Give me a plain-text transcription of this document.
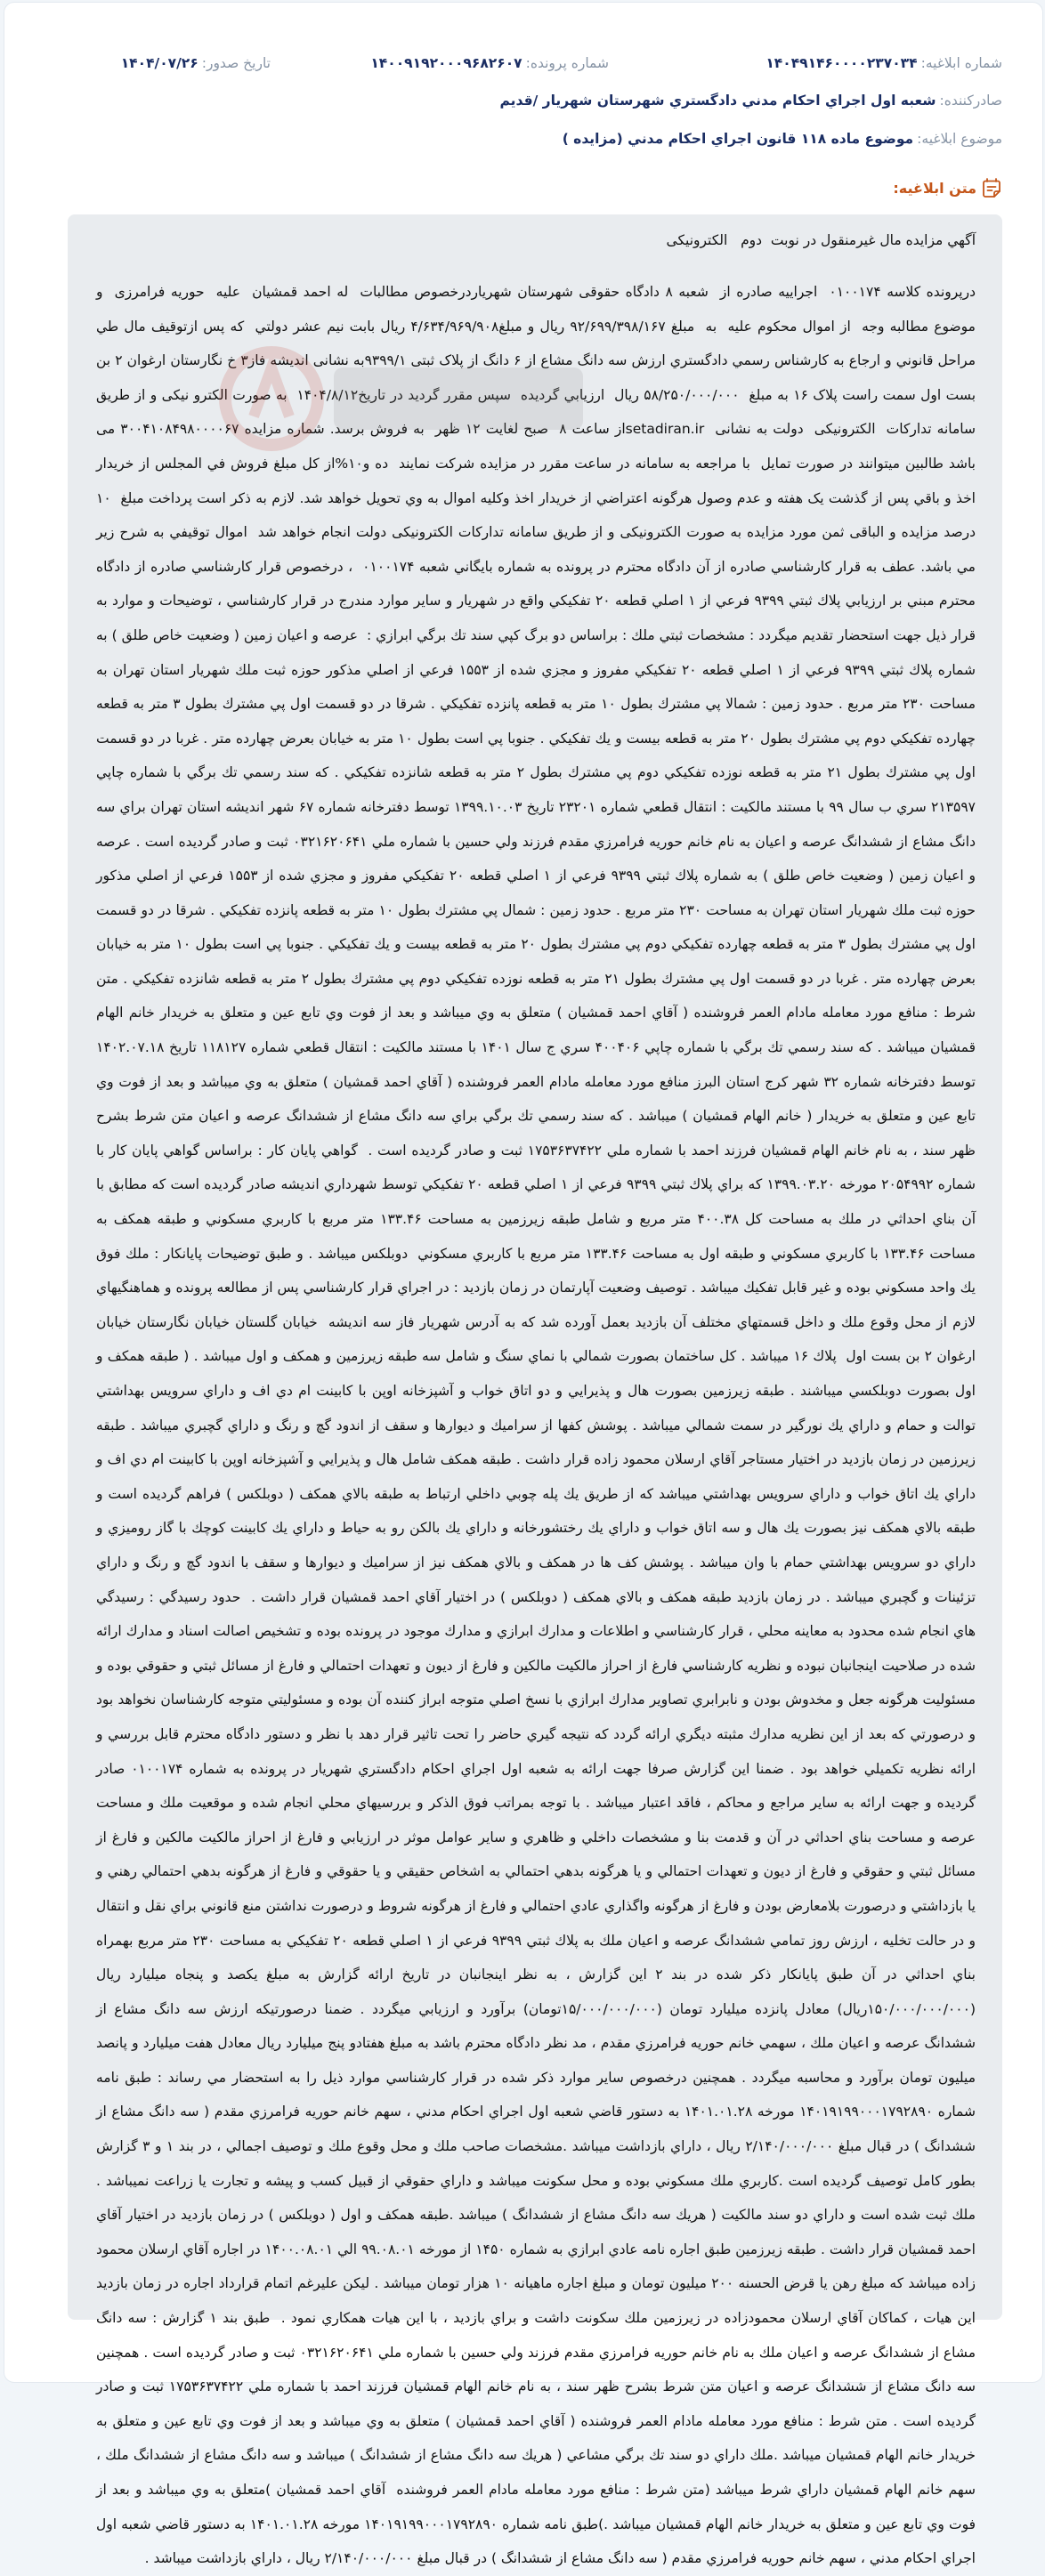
شماره ابلاغیه:
۱۴۰۴۹۱۴۶۰۰۰۰۲۳۷۰۳۴
شماره پرونده:
۱۴۰۰۹۱۹۲۰۰۰۹۶۸۲۶۰۷
تاریخ صدور:
۱۴۰۴/۰۷/۲۶
صادرکننده:
شعبه اول اجراي احكام مدني دادگستري شهرستان شهريار /قديم
موضوع ابلاغیه:
موضوع ماده ۱۱۸ قانون اجراي احكام مدني (مزايده )
متن ابلاغیه:

آگهي مزايده مال غيرمنقول در نوبت  دوم   الکترونیکی

درپرونده کلاسه ۰۱۰۰۱۷۴  اجراییه صادره از  شعبه ۸ دادگاه حقوقی شهرستان شهریاردرخصوص مطالبات  له احمد قمشیان  علیه  حوریه فرامرزی  و موضوع مطالبه وجه  از اموال محكوم علیه  به  مبلغ ۹۲/۶۹۹/۳۹۸/۱۶۷ ريال و مبلغ۴/۶۳۴/۹۶۹/۹۰۸ ريال بابت نيم عشر دولتي  كه پس ازتوقيف مال طي مراحل قانوني و ارجاع به كارشناس رسمي دادگستري ارزش سه دانگ مشاع از ۶ دانگ از پلاک ثبتی ۹۳۹۹/۱به نشانی اندیشه فاز۳ خ نگارستان ارغوان ۲ بن بست اول سمت راست پلاک ۱۶ به مبلغ  ۵۸/۲۵۰/۰۰۰/۰۰۰ ريال  ارزيابي گرديده  سپس مقرر گرديد در تاريخ۱۴۰۴/۸/۱۲  به صورت الکترو نیکی و از طریق سامانه تدارکات  الکترونیکی  دولت به نشانی  setadiran.irاز ساعت ۸  صبح لغايت ۱۲ ظهر  به فروش برسد. شماره مزایده ۳۰۰۴۱۰۸۴۹۸۰۰۰۰۶۷ می باشد طالبين ميتوانند در صورت تمايل  با مراجعه به سامانه در ساعت مقرر در مزايده شركت نمايند  ده و۱۰%از كل مبلغ فروش في المجلس از خريدار اخذ و باقي پس از گذشت يک هفته و عدم وصول هرگونه اعتراضي از خريدار اخذ وكليه اموال به وي تحويل خواهد شد. لازم به ذکر است پرداخت مبلغ  ۱۰ درصد مزایده و الباقی ثمن مورد مزایده به صورت الکترونیکی و از طریق سامانه تدارکات الکترونیکی دولت انجام خواهد شد  اموال توقيفي به شرح زير مي باشد. عطف به قرار كارشناسي صادره از آن دادگاه محترم در پرونده به شماره بايگاني شعبه ۰۱۰۰۱۷۴  ، درخصوص قرار كارشناسي صادره از دادگاه محترم مبني بر ارزيابي پلاك ثبتي ۹۳۹۹ فرعي از ۱ اصلي قطعه ۲۰ تفكيكي واقع در شهريار و ساير موارد مندرج در قرار كارشناسي ، توضيحات و موارد به قرار ذيل جهت استحضار تقديم ميگردد : مشخصات ثبتي ملك : براساس دو برگ كپي سند تك برگي ابرازي :  عرصه و اعيان زمين ( وضعيت خاص طلق ) به شماره پلاك ثبتي ۹۳۹۹ فرعي از ۱ اصلي قطعه ۲۰ تفكيكي مفروز و مجزي شده از ۱۵۵۳ فرعي از اصلي مذكور حوزه ثبت ملك شهريار استان تهران به مساحت ۲۳۰ متر مربع . حدود زمين : شمالا پي مشترك بطول ۱۰ متر به قطعه پانزده تفكيكي . شرقا در دو قسمت اول پي مشترك بطول ۳ متر به قطعه چهارده تفكيكي دوم پي مشترك بطول ۲۰ متر به قطعه بيست و يك تفكيكي . جنوبا پي است بطول ۱۰ متر به خيابان بعرض چهارده متر . غربا در دو قسمت اول پي مشترك بطول ۲۱ متر به قطعه نوزده تفكيكي دوم پي مشترك بطول ۲ متر به قطعه شانزده تفكيكي . كه سند رسمي تك برگي با شماره چاپي ۲۱۳۵۹۷ سري ب سال ۹۹ با مستند مالكيت : انتقال قطعي شماره ۲۳۲۰۱ تاريخ ۱۳۹۹.۱۰.۰۳ توسط دفترخانه شماره ۶۷ شهر انديشه استان تهران براي سه دانگ مشاع از ششدانگ عرصه و اعيان به نام خانم حوريه فرامرزي مقدم فرزند ولي حسين با شماره ملي ۰۳۲۱۶۲۰۶۴۱ ثبت و صادر گرديده است . عرصه و اعيان زمين ( وضعيت خاص طلق ) به شماره پلاك ثبتي ۹۳۹۹ فرعي از ۱ اصلي قطعه ۲۰ تفكيكي مفروز و مجزي شده از ۱۵۵۳ فرعي از اصلي مذكور حوزه ثبت ملك شهريار استان تهران به مساحت ۲۳۰ متر مربع . حدود زمين : شمال پي مشترك بطول ۱۰ متر به قطعه پانزده تفكيكي . شرقا در دو قسمت اول پي مشترك بطول ۳ متر به قطعه چهارده تفكيكي دوم پي مشترك بطول ۲۰ متر به قطعه بيست و يك تفكيكي . جنوبا پي است بطول ۱۰ متر به خيابان بعرض چهارده متر . غربا در دو قسمت اول پي مشترك بطول ۲۱ متر به قطعه نوزده تفكيكي دوم پي مشترك بطول ۲ متر به قطعه شانزده تفكيكي . متن شرط : منافع مورد معامله مادام العمر فروشنده ( آقاي احمد قمشيان ) متعلق به وي ميباشد و بعد از فوت وي تابع عين و متعلق به خريدار خانم الهام قمشيان ميباشد . كه سند رسمي تك برگي با شماره چاپي ۴۰۰۴۰۶ سري ج سال ۱۴۰۱ با مستند مالكيت : انتقال قطعي شماره ۱۱۸۱۲۷ تاريخ ۱۴۰۲.۰۷.۱۸ توسط دفترخانه شماره ۳۲ شهر كرج استان البرز منافع مورد معامله مادام العمر فروشنده ( آقاي احمد قمشيان ) متعلق به وي ميباشد و بعد از فوت وي تابع عين و متعلق به خريدار ( خانم الهام قمشيان ) ميباشد . كه سند رسمي تك برگي براي سه دانگ مشاع از ششدانگ عرصه و اعيان متن شرط بشرح ظهر سند ، به نام خانم الهام قمشيان فرزند احمد با شماره ملي ۱۷۵۳۶۳۷۴۲۲ ثبت و صادر گرديده است .  گواهي پايان كار : براساس گواهي پايان كار با شماره ۲۰۵۴۹۹۲ مورخه ۱۳۹۹.۰۳.۲۰ كه براي پلاك ثبتي ۹۳۹۹ فرعي از ۱ اصلي قطعه ۲۰ تفكيكي توسط شهرداري انديشه صادر گرديده است كه مطابق با آن بناي احداثي در ملك به مساحت كل ۴۰۰.۳۸ متر مربع و شامل طبقه زيرزمين به مساحت ۱۳۳.۴۶ متر مربع با كاربري مسكوني و طبقه همكف به مساحت ۱۳۳.۴۶ با كاربري مسكوني و طبقه اول به مساحت ۱۳۳.۴۶ متر مربع با كاربري مسكوني  دوبلكس ميباشد . و طبق توضيحات پايانكار : ملك فوق يك واحد مسكوني بوده و غير قابل تفكيك ميباشد . توصيف وضعيت آپارتمان در زمان بازديد : در اجراي قرار كارشناسي پس از مطالعه پرونده و هماهنگيهاي لازم از محل وقوع ملك و داخل قسمتهاي مختلف آن بازديد بعمل آورده شد كه به آدرس شهريار فاز سه انديشه  خيابان گلستان خيابان نگارستان خيابان ارغوان ۲ بن بست اول  پلاك ۱۶ ميباشد . كل ساختمان بصورت شمالي با نماي سنگ و شامل سه طبقه زيرزمين و همكف و اول ميباشد . ( طبقه همكف و اول بصورت دوبلكسي ميباشند . طبقه زيرزمين بصورت هال و پذيرايي و دو اتاق خواب و آشپزخانه اوپن با كابينت ام دي اف و داراي سرويس بهداشتي توالت و حمام و داراي يك نورگير در سمت شمالي ميباشد . پوشش كفها از سراميك و ديوارها و سقف از اندود گچ و رنگ و داراي گچبري ميباشد . طبقه زيرزمين در زمان بازديد در اختيار مستاجر آقاي ارسلان محمود زاده قرار داشت . طبقه همكف شامل هال و پذيرايي و آشپزخانه اوپن با كابينت ام دي اف و داراي يك اتاق خواب و داراي سرويس بهداشتي ميباشد كه از طريق يك پله چوبي داخلي ارتباط به طبقه بالاي همكف ( دوبلكس ) فراهم گرديده است و طبقه بالاي همكف نيز بصورت يك هال و سه اتاق خواب و داراي يك رختشورخانه و داراي يك بالكن رو به حياط و داراي يك كابينت كوچك با گاز روميزي و داراي دو سرويس بهداشتي حمام با وان ميباشد . پوشش كف ها در همكف و بالاي همكف نيز از سراميك و ديوارها و سقف با اندود گچ و رنگ و داراي تزئينات و گچبري ميباشد . در زمان بازديد طبقه همكف و بالاي همكف ( دوبلكس ) در اختيار آقاي احمد قمشيان قرار داشت .  حدود رسيدگي : رسيدگي هاي انجام شده محدود به معاينه محلي ، قرار كارشناسي و اطلاعات و مدارك ابرازي و مدارك موجود در پرونده بوده و تشخيص اصالت اسناد و مدارك ارائه شده در صلاحيت اينجانبان نبوده و نظريه كارشناسي فارغ از احراز مالكيت مالكين و فارغ از ديون و تعهدات احتمالي و فارغ از مسائل ثبتي و حقوقي بوده و مسئوليت هرگونه جعل و مخدوش بودن و نابرابري تصاوير مدارك ابرازي با نسخ اصلي متوجه ابراز كننده آن بوده و مسئوليتي متوجه كارشناسان نخواهد بود و درصورتي كه بعد از اين نظريه مدارك مثبته ديگري ارائه گردد كه نتيجه گيري حاضر را تحت تاثير قرار دهد با نظر و دستور دادگاه محترم قابل بررسي و ارائه نظريه تكميلي خواهد بود . ضمنا اين گزارش صرفا جهت ارائه به شعبه اول اجراي احكام دادگستري شهريار در پرونده به شماره ۰۱۰۰۱۷۴ صادر گرديده و جهت ارائه به ساير مراجع و محاكم ، فاقد اعتبار ميباشد . با توجه بمراتب فوق الذكر و بررسيهاي محلي انجام شده و موقعيت ملك و مساحت عرصه و مساحت بناي احداثي در آن و قدمت بنا و مشخصات داخلي و ظاهري و ساير عوامل موثر در ارزيابي و فارغ از احراز مالكيت مالكين و فارغ از مسائل ثبتي و حقوقي و فارغ از ديون و تعهدات احتمالي و يا هرگونه بدهي احتمالي به اشخاص حقيقي و يا حقوقي و فارغ از هرگونه بدهي احتمالي رهني و يا بازداشتي و درصورت بلامعارض بودن و فارغ از هرگونه واگذاري عادي احتمالي و فارغ از هرگونه شروط و درصورت نداشتن منع قانوني براي نقل و انتقال و در حالت تخليه ، ارزش روز تمامي ششدانگ عرصه و اعيان ملك به پلاك ثبتي ۹۳۹۹ فرعي از ۱ اصلي قطعه ۲۰ تفكيكي به مساحت ۲۳۰ متر مربع بهمراه بناي احداثي در آن طبق پايانكار ذكر شده در بند ۲ اين گزارش ، به نظر اينجانبان در تاريخ ارائه گزارش به مبلغ يكصد و پنجاه ميليارد ريال (۱۵۰/۰۰۰/۰۰۰/۰۰۰ريال) معادل پانزده ميليارد تومان (۱۵/۰۰۰/۰۰۰/۰۰۰تومان) برآورد و ارزيابي ميگردد . ضمنا درصورتيكه ارزش سه دانگ مشاع از ششدانگ عرصه و اعيان ملك ، سهمي خانم حوريه فرامرزي مقدم ، مد نظر دادگاه محترم باشد به مبلغ هفتادو پنج ميليارد ريال معادل هفت ميليارد و پانصد ميليون تومان برآورد و محاسبه ميگردد . همچنين درخصوص ساير موارد ذكر شده در قرار كارشناسي موارد ذيل را به استحضار مي رساند : طبق نامه شماره ۱۴۰۱۹۱۹۹۰۰۰۱۷۹۲۸۹۰ مورخه ۱۴۰۱.۰۱.۲۸ به دستور قاضي شعبه اول اجراي احكام مدني ، سهم خانم حوريه فرامرزي مقدم ( سه دانگ مشاع از ششدانگ ) در قبال مبلغ ۲/۱۴۰/۰۰۰/۰۰۰ ريال ، داراي بازداشت ميباشد .مشخصات صاحب ملك و محل وقوع ملك و توصيف اجمالي ، در بند ۱ و ۳ گزارش بطور كامل توصيف گرديده است .كاربري ملك مسكوني بوده و محل سكونت ميباشد و داراي حقوقي از قبيل كسب و پيشه و تجارت يا زراعت نميباشد . ملك ثبت شده است و داراي دو سند مالكيت ( هريك سه دانگ مشاع از ششدانگ ) ميباشد .طبقه همكف و اول ( دوبلكس ) در زمان بازديد در اختيار آقاي احمد قمشيان قرار داشت . طبقه زيرزمين طبق اجاره نامه عادي ابرازي به شماره ۱۴۵۰ از مورخه ۹۹.۰۸.۰۱ الي ۱۴۰۰.۰۸.۰۱ در اجاره آقاي ارسلان محمود زاده ميباشد كه مبلغ رهن يا قرض الحسنه ۲۰۰ ميليون تومان و مبلغ اجاره ماهيانه ۱۰ هزار تومان ميباشد . ليكن عليرغم اتمام قرارداد اجاره در زمان بازديد اين هيات ، كماكان آقاي ارسلان محمودزاده در زيرزمين ملك سكونت داشت و براي بازديد ، با اين هيات همكاري نمود .  طبق بند ۱ گزارش : سه دانگ مشاع از ششدانگ عرصه و اعيان ملك به نام خانم حوريه فرامرزي مقدم فرزند ولي حسين با شماره ملي ۰۳۲۱۶۲۰۶۴۱ ثبت و صادر گرديده است . همچنين سه دانگ مشاع از ششدانگ عرصه و اعيان متن شرط بشرح ظهر سند ، به نام خانم الهام قمشيان فرزند احمد با شماره ملي ۱۷۵۳۶۳۷۴۲۲ ثبت و صادر گرديده است . متن شرط : منافع مورد معامله مادام العمر فروشنده ( آقاي احمد قمشيان ) متعلق به وي ميباشد و بعد از فوت وي تابع عين و متعلق به خريدار خانم الهام قمشيان ميباشد .ملك داراي دو سند تك برگي مشاعي ( هريك سه دانگ مشاع از ششدانگ ) ميباشد و سه دانگ مشاع از ششدانگ ملك ، سهم خانم الهام قمشيان داراي شرط ميباشد (متن شرط : منافع مورد معامله مادام العمر فروشنده  آقاي احمد قمشيان )متعلق به وي ميباشد و بعد از فوت وي تابع عين و متعلق به خريدار خانم الهام قمشيان ميباشد .)طبق نامه شماره ۱۴۰۱۹۱۹۹۰۰۰۱۷۹۲۸۹۰ مورخه ۱۴۰۱.۰۱.۲۸ به دستور قاضي شعبه اول اجراي احكام مدني ، سهم خانم حوريه فرامرزي مقدم ( سه دانگ مشاع از ششدانگ ) در قبال مبلغ ۲/۱۴۰/۰۰۰/۰۰۰ ريال ، داراي بازداشت ميباشد .
